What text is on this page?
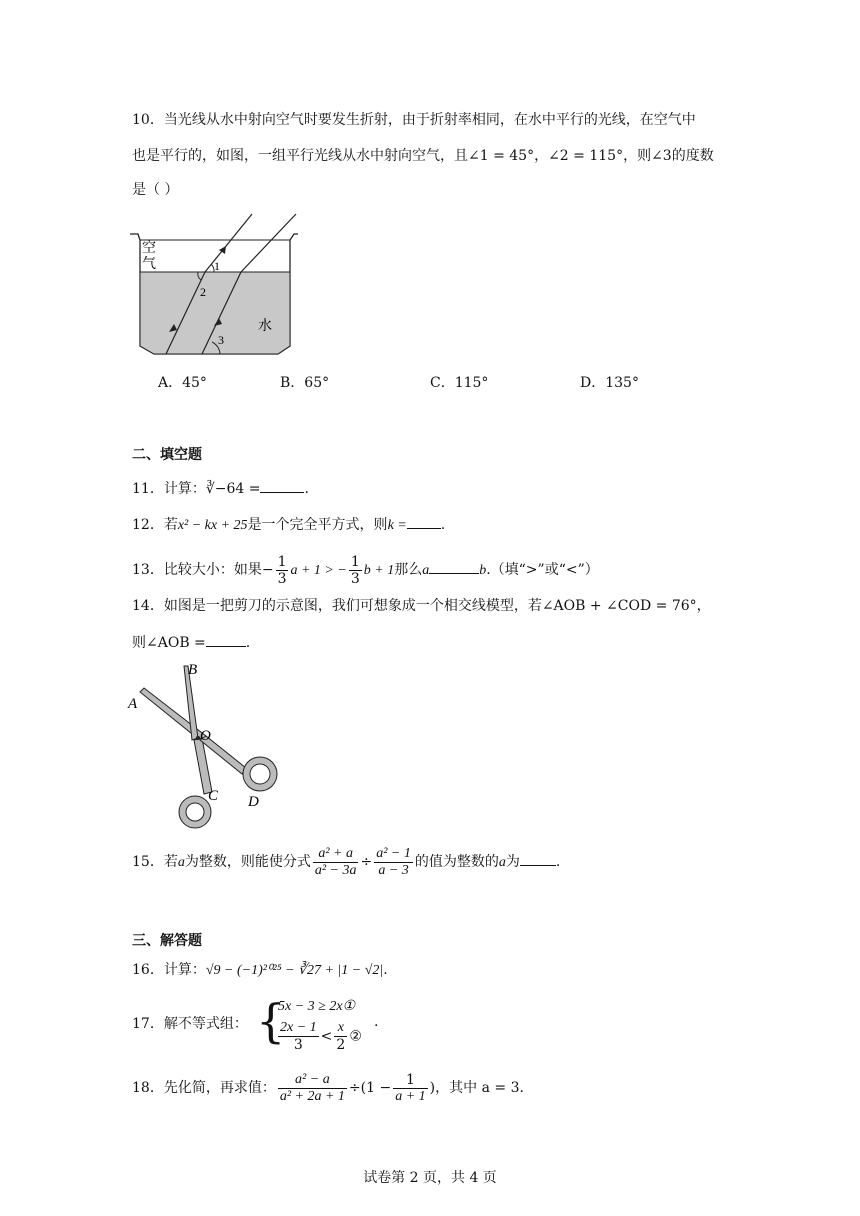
10．当光线从水中射向空气时要发生折射，由于折射率相同，在水中平行的光线，在空气中
也是平行的，如图，一组平行光线从水中射向空气，且∠1 = 45°，∠2 = 115°，则∠3的度数
是（ ）
空
气
水
1
2
3
A．45°	B．65°	C．115°	D．135°
二、填空题
11．计算：∛−64 =	.
12．若x² − kx + 25是一个完全平方式，则k = .
13．比较大小：如果− $\frac{1}{3}$ a + 1 > − $\frac{1}{3}$ b + 1那么a	b.（填“>”或“<”）
14．如图是一把剪刀的示意图，我们可想象成一个相交线模型，若∠AOB + ∠COD = 76°，
则∠AOB =	.
A
B
O
C D
15．若a为整数，则能使分式 $\frac{\text{a² + a}}{\text{a² − 3a}} \div \frac{\text{a² − 1}}{a - 3}$ 的值为整数的a为	.
三、解答题
16．计算：√9 − (−1)²⁰²⁵ − ∛27 + |1 − √2|.
17．解不等式组： {
5x − 3 ≥ 2x①
$\frac{2x - 1}{3} < \frac{x}{2}$ ②
.
18．先化简，再求值： $\frac{\text{a² − a}}{\text{a² + 2a + 1}} \div(1 - \frac{1}{a + 1}$ )，其中 a = 3.
试卷第 2 页，共 4 页
